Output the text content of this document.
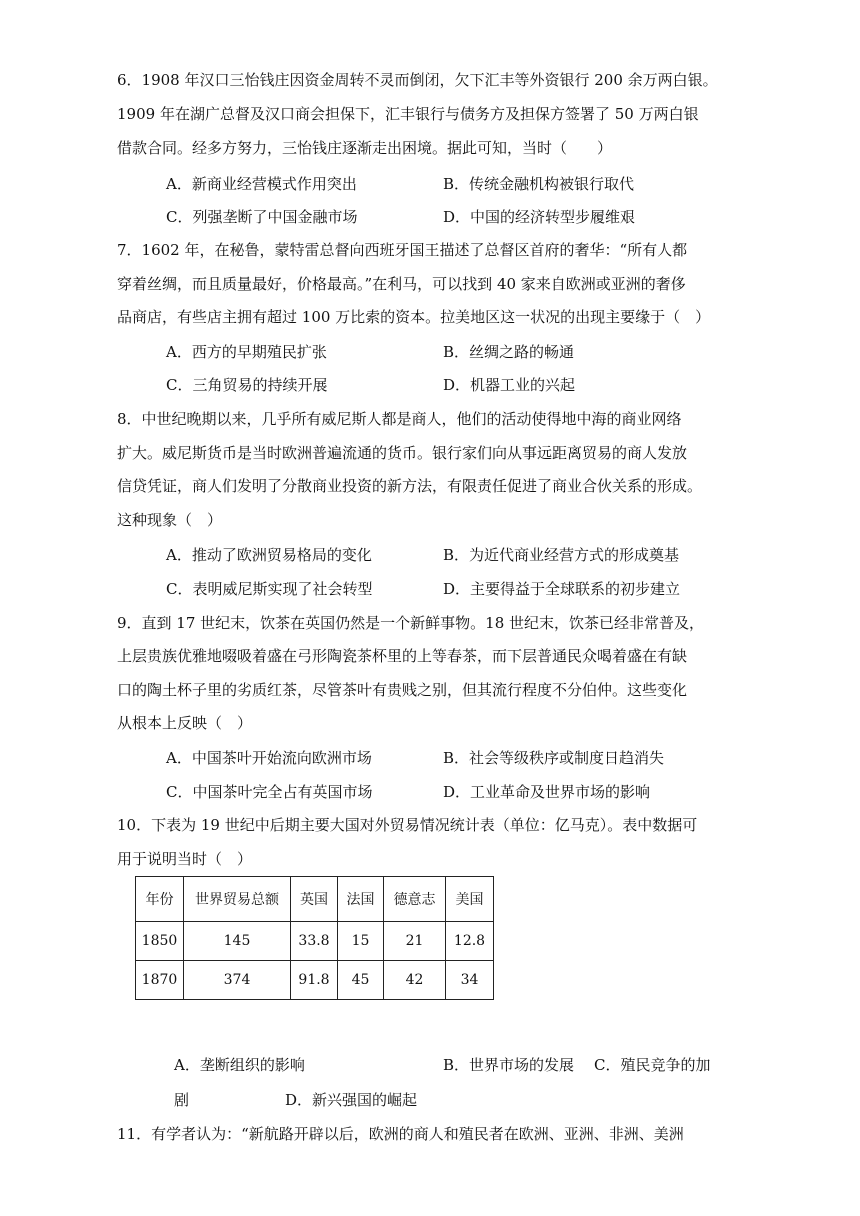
6．1908 年汉口三怡钱庄因资金周转不灵而倒闭，欠下汇丰等外资银行 200 余万两白银。
1909 年在湖广总督及汉口商会担保下，汇丰银行与债务方及担保方签署了 50 万两白银
借款合同。经多方努力，三怡钱庄逐渐走出困境。据此可知，当时（　　）
A．新商业经营模式作用突出	B．传统金融机构被银行取代
C．列强垄断了中国金融市场	D．中国的经济转型步履维艰
7．1602 年，在秘鲁，蒙特雷总督向西班牙国王描述了总督区首府的奢华：“所有人都
穿着丝绸，而且质量最好，价格最高。”在利马，可以找到 40 家来自欧洲或亚洲的奢侈
品商店，有些店主拥有超过 100 万比索的资本。拉美地区这一状况的出现主要缘于（　）
A．西方的早期殖民扩张	B．丝绸之路的畅通
C．三角贸易的持续开展	D．机器工业的兴起
8．中世纪晚期以来，几乎所有威尼斯人都是商人，他们的活动使得地中海的商业网络
扩大。威尼斯货币是当时欧洲普遍流通的货币。银行家们向从事远距离贸易的商人发放
信贷凭证，商人们发明了分散商业投资的新方法，有限责任促进了商业合伙关系的形成。
这种现象（　）
A．推动了欧洲贸易格局的变化	B．为近代商业经营方式的形成奠基
C．表明威尼斯实现了社会转型	D．主要得益于全球联系的初步建立
9．直到 17 世纪末，饮茶在英国仍然是一个新鲜事物。18 世纪末，饮茶已经非常普及，
上层贵族优雅地啜吸着盛在弓形陶瓷茶杯里的上等春茶，而下层普通民众喝着盛在有缺
口的陶土杯子里的劣质红茶，尽管茶叶有贵贱之别，但其流行程度不分伯仲。这些变化
从根本上反映（　）
A．中国茶叶开始流向欧洲市场	B．社会等级秩序或制度日趋消失
C．中国茶叶完全占有英国市场	D．工业革命及世界市场的影响
10．下表为 19 世纪中后期主要大国对外贸易情况统计表（单位：亿马克）。表中数据可
用于说明当时（　）
年份	世界贸易总额	英国	法国	德意志	美国
1850	145	33.8	15	21	12.8
1870	374	91.8	45	42	34
A．垄断组织的影响	B．世界市场的发展 C．殖民竞争的加
剧	D．新兴强国的崛起
11．有学者认为：“新航路开辟以后，欧洲的商人和殖民者在欧洲、亚洲、非洲、美洲
